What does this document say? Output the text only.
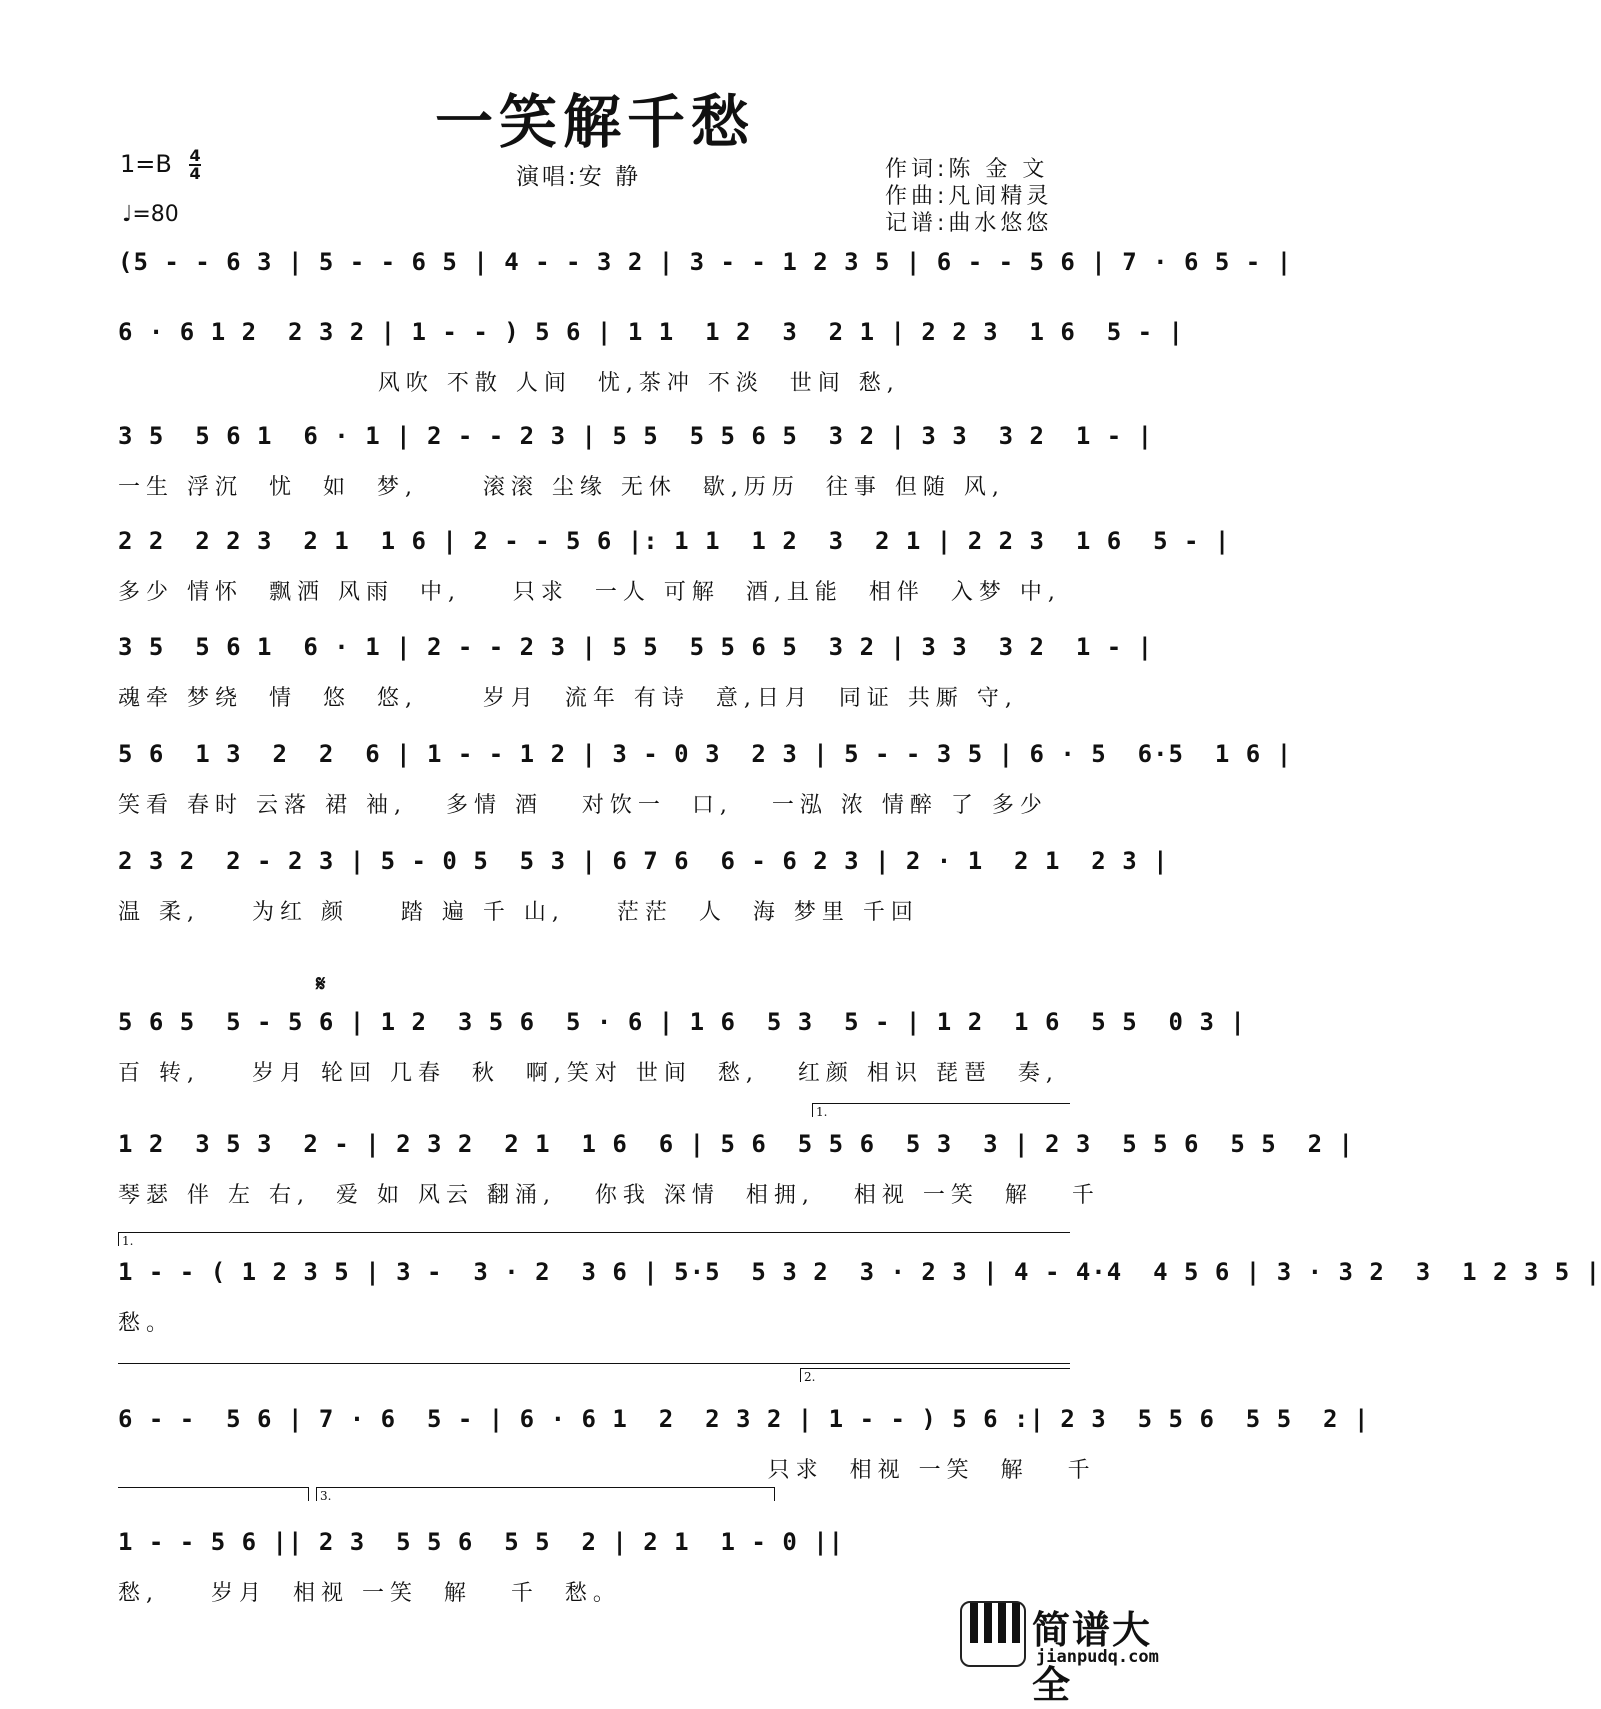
一笑解千愁
$1=B \frac{4}{4}$
♩=80
演唱:安 静	作词:陈 金 文
作曲:凡间精灵
记谱:曲水悠悠
(5 - - 6 3 | 5 - - 6 5 | 4 - - 3 2 | 3 - - 1 2 3 5 | 6 - - 5 6 | 7 · 6 5 - |
6 · 6 1 2  2 3 2 | 1 - - ) 5 6 | 1 1  1 2  3  2 1 | 2 2 3  1 6  5 - |
风吹 不散 人间  忧,茶冲 不淡  世间 愁,
3 5  5 6 1  6 · 1 | 2 - - 2 3 | 5 5  5 5 6 5  3 2 | 3 3  3 2  1 - |
一生 浮沉  忧  如  梦,     滚滚 尘缘 无休  歇,历历  往事 但随 风,
2 2  2 2 3  2 1  1 6 | 2 - - 5 6 |: 1 1  1 2  3  2 1 | 2 2 3  1 6  5 - |
多少 情怀  飘洒 风雨  中,    只求  一人 可解  酒,且能  相伴  入梦 中,
3 5  5 6 1  6 · 1 | 2 - - 2 3 | 5 5  5 5 6 5  3 2 | 3 3  3 2  1 - |
魂牵 梦绕  情  悠  悠,     岁月  流年 有诗  意,日月  同证 共厮 守,
5 6  1 3  2  2  6 | 1 - - 1 2 | 3 - 0 3  2 3 | 5 - - 3 5 | 6 · 5  6·5  1 6 |
笑看 春时 云落 裙 袖,   多情 酒   对饮一  口,   一泓 浓 情醉 了 多少
2 3 2  2 - 2 3 | 5 - 0 5  5 3 | 6 7 6  6 - 6 2 3 | 2 · 1  2 1  2 3 |
温 柔,    为红 颜    踏 遍 千 山,    茫茫  人  海 梦里 千回
𝄋
5 6 5  5 - 5 6 | 1 2  3 5 6  5 · 6 | 1 6  5 3  5 - | 1 2  1 6  5 5  0 3 |
百 转,    岁月 轮回 几春  秋  啊,笑对 世间  愁,   红颜 相识 琵琶  奏,
1.
1 2  3 5 3  2 - | 2 3 2  2 1  1 6  6 | 5 6  5 5 6  5 3  3 | 2 3  5 5 6  5 5  2 |
琴瑟 伴 左 右,  爱 如 风云 翻涌,   你我 深情  相拥,   相视 一笑  解   千
1.
1 - - ( 1 2 3 5 | 3 -  3 · 2  3 6 | 5·5  5 3 2  3 · 2 3 | 4 - 4·4  4 5 6 | 3 · 3 2  3  1 2 3 5 |
愁。
2.
6 - -  5 6 | 7 · 6  5 - | 6 · 6 1  2  2 3 2 | 1 - - ) 5 6 :| 2 3  5 5 6  5 5  2 |
只求  相视 一笑  解   千
3.
1 - - 5 6 || 2 3  5 5 6  5 5  2 | 2 1  1 - 0 ||
愁,    岁月  相视 一笑  解   千  愁。
简谱大全
jianpudq.com
